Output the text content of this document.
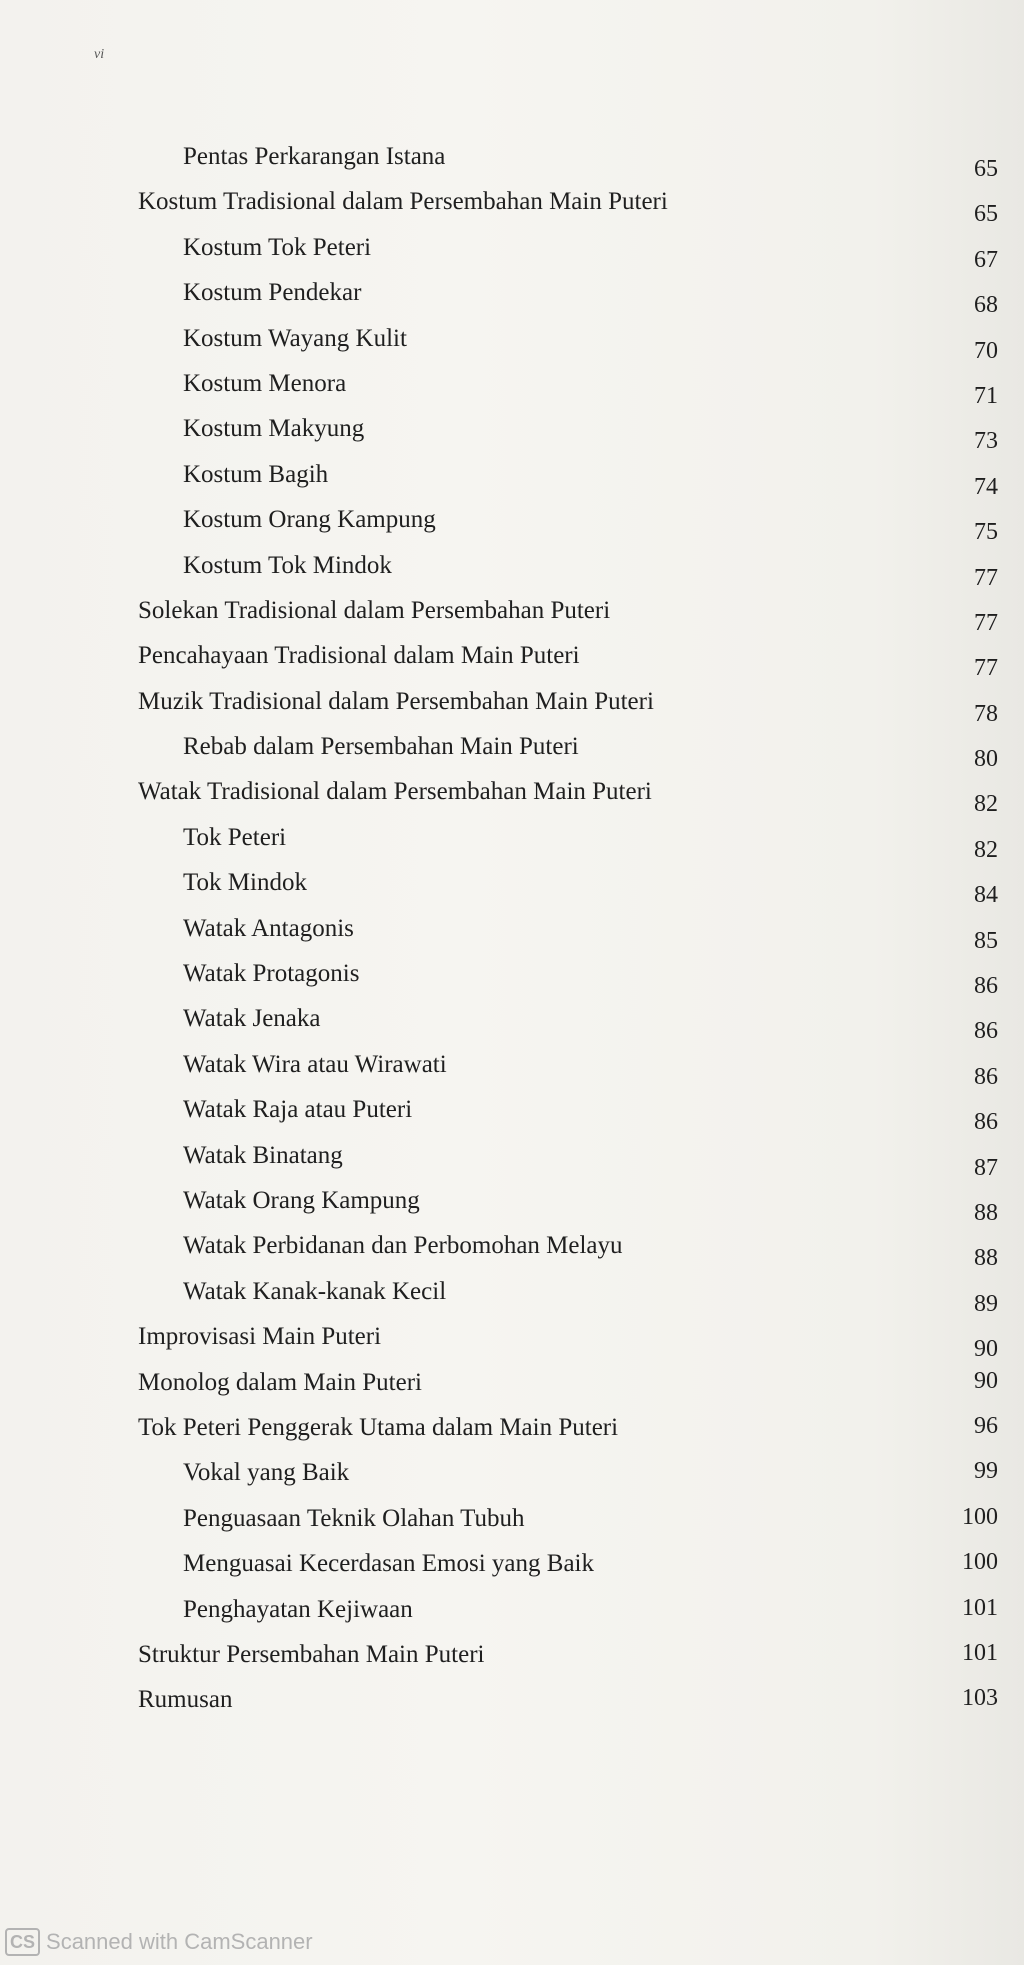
vi
Pentas Perkarangan Istana	65
Kostum Tradisional dalam Persembahan Main Puteri	65
Kostum Tok Peteri	67
Kostum Pendekar	68
Kostum Wayang Kulit	70
Kostum Menora	71
Kostum Makyung	73
Kostum Bagih	74
Kostum Orang Kampung	75
Kostum Tok Mindok	77
Solekan Tradisional dalam Persembahan Puteri	77
Pencahayaan Tradisional dalam Main Puteri	77
Muzik Tradisional dalam Persembahan Main Puteri	78
Rebab dalam Persembahan Main Puteri	80
Watak Tradisional dalam Persembahan Main Puteri	82
Tok Peteri	82
Tok Mindok	84
Watak Antagonis	85
Watak Protagonis	86
Watak Jenaka	86
Watak Wira atau Wirawati	86
Watak Raja atau Puteri	86
Watak Binatang	87
Watak Orang Kampung	88
Watak Perbidanan dan Perbomohan Melayu	88
Watak Kanak-kanak Kecil	89
Improvisasi Main Puteri	90
Monolog dalam Main Puteri	90
Tok Peteri Penggerak Utama dalam Main Puteri	96
Vokal yang Baik	99
Penguasaan Teknik Olahan Tubuh	100
Menguasai Kecerdasan Emosi yang Baik	100
Penghayatan Kejiwaan	101
Struktur Persembahan Main Puteri	101
Rumusan	103
CS Scanned with CamScanner
